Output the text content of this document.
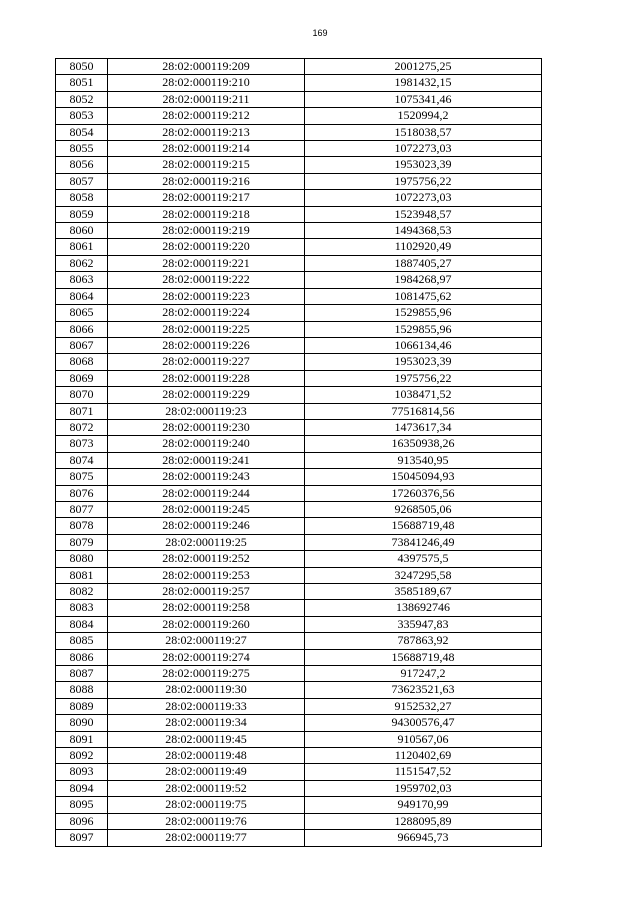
169
8050	28:02:000119:209	2001275,25
8051	28:02:000119:210	1981432,15
8052	28:02:000119:211	1075341,46
8053	28:02:000119:212	1520994,2
8054	28:02:000119:213	1518038,57
8055	28:02:000119:214	1072273,03
8056	28:02:000119:215	1953023,39
8057	28:02:000119:216	1975756,22
8058	28:02:000119:217	1072273,03
8059	28:02:000119:218	1523948,57
8060	28:02:000119:219	1494368,53
8061	28:02:000119:220	1102920,49
8062	28:02:000119:221	1887405,27
8063	28:02:000119:222	1984268,97
8064	28:02:000119:223	1081475,62
8065	28:02:000119:224	1529855,96
8066	28:02:000119:225	1529855,96
8067	28:02:000119:226	1066134,46
8068	28:02:000119:227	1953023,39
8069	28:02:000119:228	1975756,22
8070	28:02:000119:229	1038471,52
8071	28:02:000119:23	77516814,56
8072	28:02:000119:230	1473617,34
8073	28:02:000119:240	16350938,26
8074	28:02:000119:241	913540,95
8075	28:02:000119:243	15045094,93
8076	28:02:000119:244	17260376,56
8077	28:02:000119:245	9268505,06
8078	28:02:000119:246	15688719,48
8079	28:02:000119:25	73841246,49
8080	28:02:000119:252	4397575,5
8081	28:02:000119:253	3247295,58
8082	28:02:000119:257	3585189,67
8083	28:02:000119:258	138692746
8084	28:02:000119:260	335947,83
8085	28:02:000119:27	787863,92
8086	28:02:000119:274	15688719,48
8087	28:02:000119:275	917247,2
8088	28:02:000119:30	73623521,63
8089	28:02:000119:33	9152532,27
8090	28:02:000119:34	94300576,47
8091	28:02:000119:45	910567,06
8092	28:02:000119:48	1120402,69
8093	28:02:000119:49	1151547,52
8094	28:02:000119:52	1959702,03
8095	28:02:000119:75	949170,99
8096	28:02:000119:76	1288095,89
8097	28:02:000119:77	966945,73
